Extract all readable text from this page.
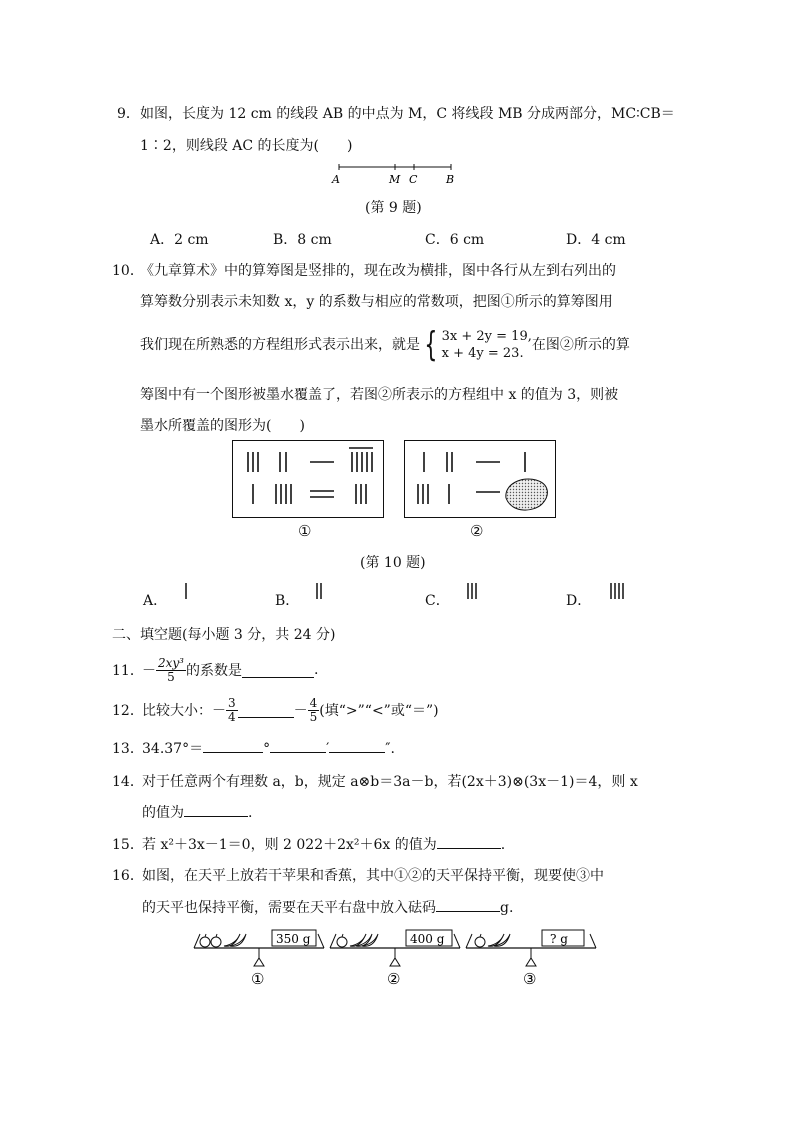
9． 如图，长度为 12 cm 的线段 AB 的中点为 M，C 将线段 MB 分成两部分，MC∶CB＝
1∶2，则线段 AC 的长度为(　　)
A	M C	B
(第 9 题)
A．2 cm	B．8 cm	C．6 cm	D．4 cm
10．
《九章算术》中的算筹图是竖排的，现在改为横排，图中各行从左到右列出的
算筹数分别表示未知数 x，y 的系数与相应的常数项，把图①所示的算筹图用
我们现在所熟悉的方程组形式表示出来，就是 { 3x + 2y = 19,
x + 4y = 23.
在图②所示的算
筹图中有一个图形被墨水覆盖了，若图②所表示的方程组中 x 的值为 3，则被
墨水所覆盖的图形为(　　)
①	②
(第 10 题)
A．	B．	C．	D．
二、填空题(每小题 3 分，共 24 分)
11．
－ $\frac{\text{2xy³}}{5}$ 的系数是	.
12．
比较大小：－ $\frac{3}{4}$	－ $\frac{4}{5}$ (填“>”“<”或“＝”)
13．34.37°＝	°	′	″.
14．
对于任意两个有理数 a，b，规定 a⊗b＝3a－b，若(2x＋3)⊗(3x－1)＝4，则 x
的值为	.
15．若 x²＋3x－1＝0，则 2 022＋2x²＋6x 的值为	.
16．
如图，在天平上放若干苹果和香蕉，其中①②的天平保持平衡，现要使③中
的天平也保持平衡，需要在天平右盘中放入砝码	g.
350 g
①
400 g
②
? g
③
